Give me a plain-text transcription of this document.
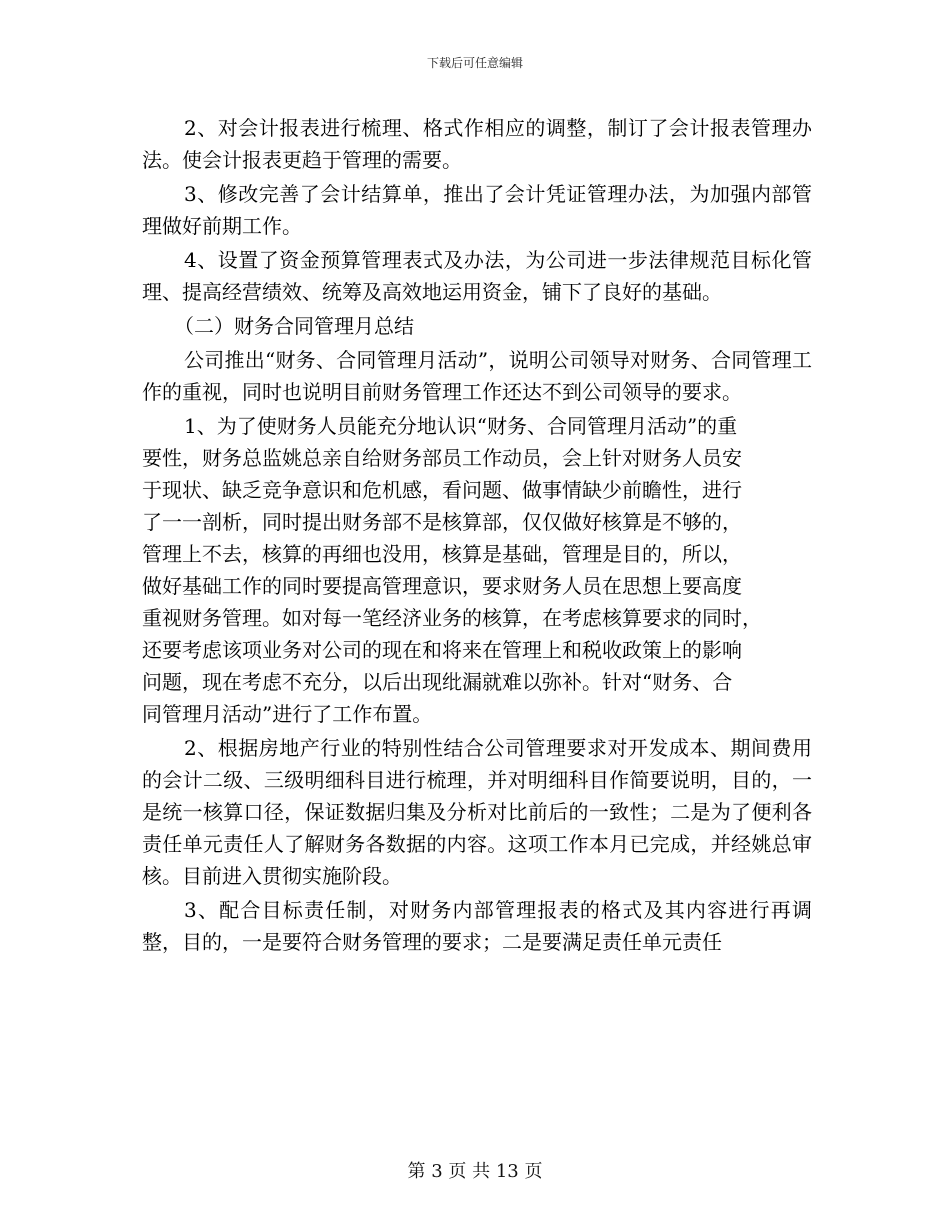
下载后可任意编辑

2、对会计报表进行梳理、格式作相应的调整，制订了会计报表管理办法。使会计报表更趋于管理的需要。

3、修改完善了会计结算单，推出了会计凭证管理办法，为加强内部管理做好前期工作。

4、设置了资金预算管理表式及办法，为公司进一步法律规范目标化管理、提高经营绩效、统筹及高效地运用资金，铺下了良好的基础。

（二）财务合同管理月总结

公司推出“财务、合同管理月活动”，说明公司领导对财务、合同管理工作的重视，同时也说明目前财务管理工作还达不到公司领导的要求。

1、为了使财务人员能充分地认识“财务、合同管理月活动”的重
要性，财务总监姚总亲自给财务部员工作动员，会上针对财务人员安
于现状、缺乏竞争意识和危机感，看问题、做事情缺少前瞻性，进行
了一一剖析，同时提出财务部不是核算部，仅仅做好核算是不够的，
管理上不去，核算的再细也没用，核算是基础，管理是目的，所以，
做好基础工作的同时要提高管理意识，要求财务人员在思想上要高度
重视财务管理。如对每一笔经济业务的核算，在考虑核算要求的同时，
还要考虑该项业务对公司的现在和将来在管理上和税收政策上的影响
问题，现在考虑不充分，以后出现纰漏就难以弥补。针对“财务、合
同管理月活动”进行了工作布置。

2、根据房地产行业的特别性结合公司管理要求对开发成本、期间费用的会计二级、三级明细科目进行梳理，并对明细科目作简要说明，目的，一是统一核算口径，保证数据归集及分析对比前后的一致性；二是为了便利各责任单元责任人了解财务各数据的内容。这项工作本月已完成，并经姚总审核。目前进入贯彻实施阶段。

3、配合目标责任制，对财务内部管理报表的格式及其内容进行再调整，目的，一是要符合财务管理的要求；二是要满足责任单元责任

第 3 页 共 13 页
